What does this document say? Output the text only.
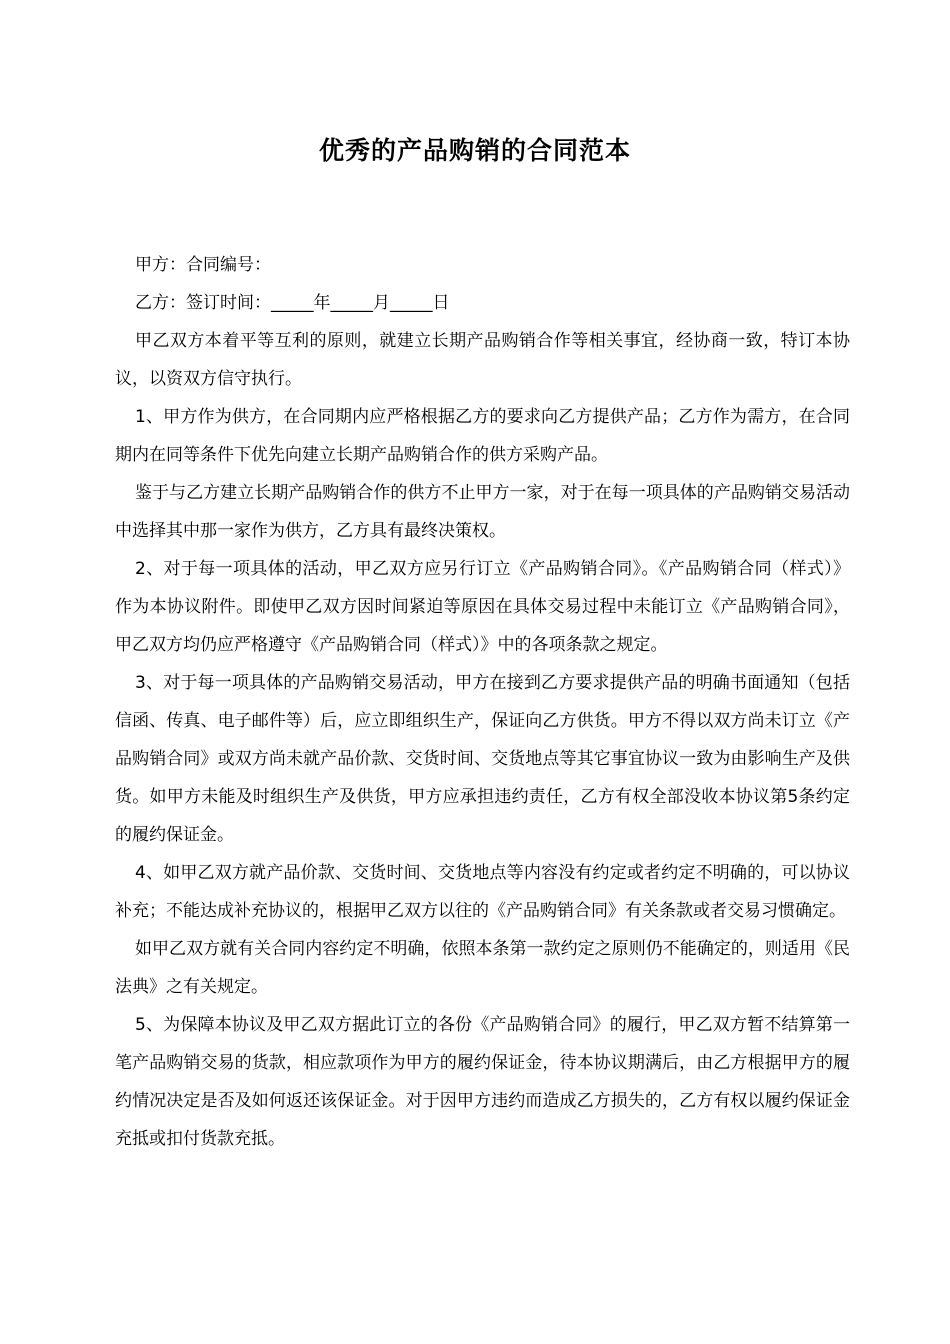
优秀的产品购销的合同范本

甲方：合同编号：

乙方：签订时间：_____年_____月_____日

甲乙双方本着平等互利的原则，就建立长期产品购销合作等相关事宜，经协商一致，特订本协议，以资双方信守执行。

1、甲方作为供方，在合同期内应严格根据乙方的要求向乙方提供产品；乙方作为需方，在合同期内在同等条件下优先向建立长期产品购销合作的供方采购产品。

鉴于与乙方建立长期产品购销合作的供方不止甲方一家，对于在每一项具体的产品购销交易活动中选择其中那一家作为供方，乙方具有最终决策权。

2、对于每一项具体的活动，甲乙双方应另行订立《产品购销合同》。《产品购销合同（样式）》作为本协议附件。即使甲乙双方因时间紧迫等原因在具体交易过程中未能订立《产品购销合同》，甲乙双方均仍应严格遵守《产品购销合同（样式）》中的各项条款之规定。

3、对于每一项具体的产品购销交易活动，甲方在接到乙方要求提供产品的明确书面通知（包括信函、传真、电子邮件等）后，应立即组织生产，保证向乙方供货。甲方不得以双方尚未订立《产品购销合同》或双方尚未就产品价款、交货时间、交货地点等其它事宜协议一致为由影响生产及供货。如甲方未能及时组织生产及供货，甲方应承担违约责任，乙方有权全部没收本协议第5条约定的履约保证金。

4、如甲乙双方就产品价款、交货时间、交货地点等内容没有约定或者约定不明确的，可以协议补充；不能达成补充协议的，根据甲乙双方以往的《产品购销合同》有关条款或者交易习惯确定。

如甲乙双方就有关合同内容约定不明确，依照本条第一款约定之原则仍不能确定的，则适用《民法典》之有关规定。

5、为保障本协议及甲乙双方据此订立的各份《产品购销合同》的履行，甲乙双方暂不结算第一笔产品购销交易的货款，相应款项作为甲方的履约保证金，待本协议期满后，由乙方根据甲方的履约情况决定是否及如何返还该保证金。对于因甲方违约而造成乙方损失的，乙方有权以履约保证金充抵或扣付货款充抵。
